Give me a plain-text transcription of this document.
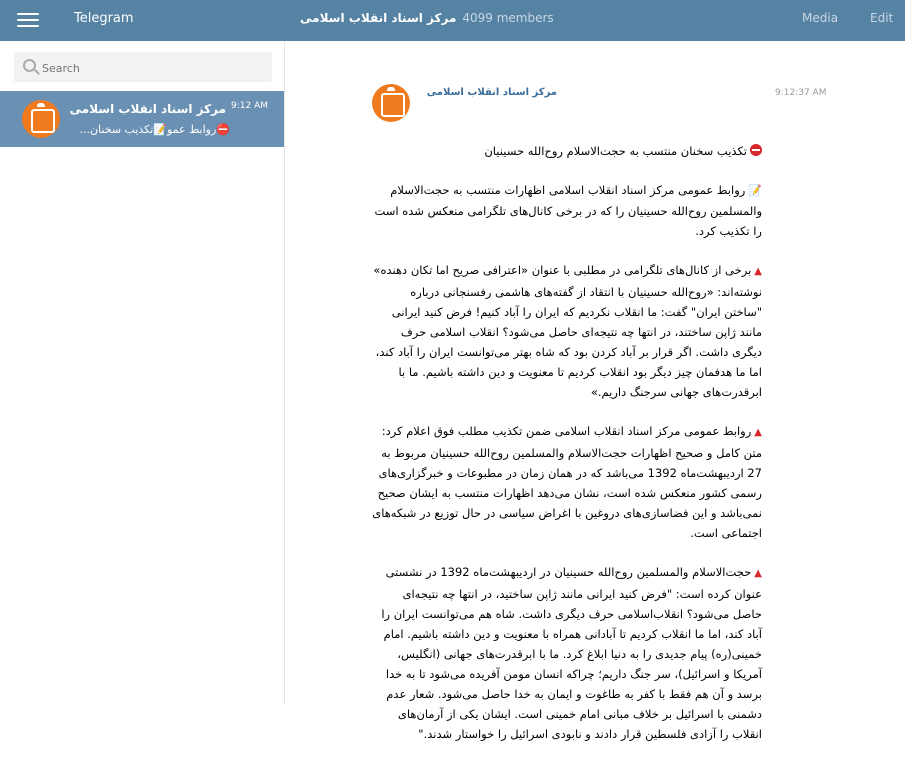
Telegram	مرکز اسناد انقلاب اسلامی 4099 members	Media	Edit
Search
مرکز اسناد انقلاب اسلامی 9:12 AM
⛔روابط عمو📝تکذیب سخنان...
مرکز اسناد انقلاب اسلامی	9:12:37 AM

تکذیب سخنان منتسب به حجت‌الاسلام روح‌الله حسینیان

📝روابط عمومی مرکز اسناد انقلاب اسلامی اظهارات منتسب به حجت‌الاسلام والمسلمین روح‌الله حسینیان را که در برخی کانال‌های تلگرامی منعکس شده است را تکذیب کرد.

▲برخی از کانال‌های تلگرامی در مطلبی با عنوان «اعترافی صریح اما تکان دهنده» نوشته‌اند: «روح‌الله حسینیان با انتقاد از گفته‌های هاشمی رفسنجانی درباره "ساختن ایران" گفت: ما انقلاب نکردیم که ایران را آباد کنیم! فرض کنید ایرانی مانند ژاپن ساختند، در انتها چه نتیجه‌ای حاصل می‌شود؟ انقلاب اسلامی حرف دیگری داشت. اگر قرار بر آباد کردن بود که شاه بهتر می‌توانست ایران را آباد کند، اما ما هدفمان چیز دیگر بود انقلاب کردیم تا معنویت و دین داشته باشیم. ما با ابرقدرت‌های جهانی سرجنگ داریم.»

▲روابط عمومی مرکز اسناد انقلاب اسلامی ضمن تکذیب مطلب فوق اعلام کرد: متن کامل و صحیح اظهارات حجت‌الاسلام والمسلمین روح‌الله حسینیان مربوط به 27 اردیبهشت‌ماه 1392 می‌باشد که در همان زمان در مطبوعات و خبرگزاری‌های رسمی کشور منعکس شده است، نشان می‌دهد اظهارات منتسب به ایشان صحیح نمی‌باشد و این فضاسازی‌های دروغین با اغراض سیاسی در حال توزیع در شبکه‌های اجتماعی است.

▲حجت‌الاسلام والمسلمین روح‌الله حسینیان در اردیبهشت‌ماه 1392 در نشستی عنوان کرده است: "فرض کنید ایرانی مانند ژاپن ساختید، در انتها چه نتیجه‌ای حاصل می‌شود؟ انقلاب‌اسلامی حرف دیگری داشت. شاه هم می‌توانست ایران را آباد کند، اما ما انقلاب کردیم تا آبادانی همراه با معنویت و دین داشته باشیم. امام خمینی(ره) پیام جدیدی را به دنیا ابلاغ کرد. ما با ابرقدرت‌های جهانی (انگلیس، آمریکا و اسرائیل)، سر جنگ داریم؛ چراکه انسان مومن آفریده می‌شود تا به خدا برسد و آن هم فقط با کفر به طاغوت و ایمان به خدا حاصل می‌شود. شعار عدم دشمنی با اسرائیل بر خلاف مبانی امام خمینی است. ایشان یکی از آرمان‌های انقلاب را آزادی فلسطین قرار دادند و نابودی اسرائیل را خواستار شدند."
